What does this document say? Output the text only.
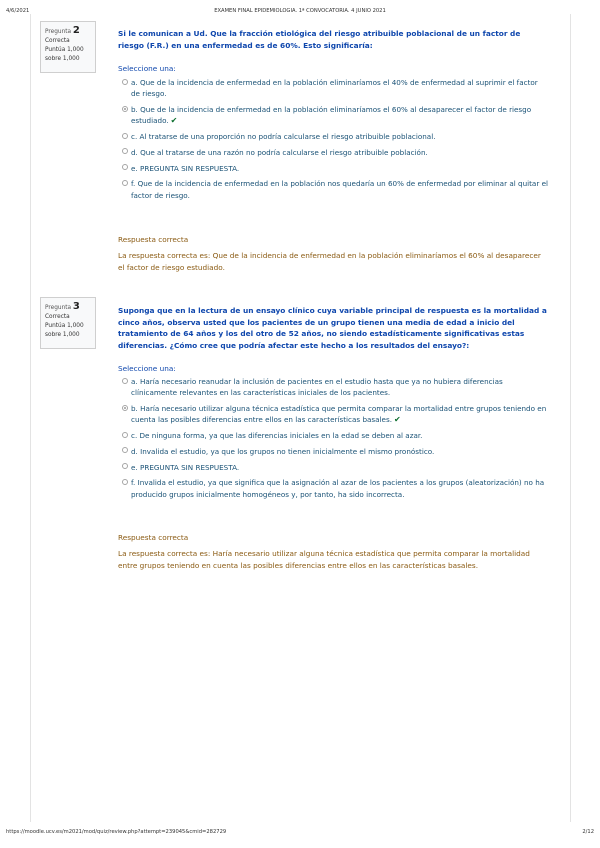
4/6/2021	EXAMEN FINAL EPIDEMIOLOGIA. 1ª CONVOCATORIA. 4 JUNIO 2021
Pregunta 2
Correcta
Puntúa 1,000
sobre 1,000
Si le comunican a Ud. Que la fracción etiológica del riesgo atribuible poblacional de un factor de riesgo (F.R.) en una enfermedad es de 60%. Esto significaría:
Seleccione una:
a. Que de la incidencia de enfermedad en la población eliminaríamos el 40% de enfermedad al suprimir el factor de riesgo.
b. Que de la incidencia de enfermedad en la población eliminaríamos el 60% al desaparecer el factor de riesgo estudiado. ✔
c. Al tratarse de una proporción no podría calcularse el riesgo atribuible poblacional.
d. Que al tratarse de una razón no podría calcularse el riesgo atribuible población.
e. PREGUNTA SIN RESPUESTA.
f. Que de la incidencia de enfermedad en la población nos quedaría un 60% de enfermedad por eliminar al quitar el factor de riesgo.
Respuesta correcta
La respuesta correcta es: Que de la incidencia de enfermedad en la población eliminaríamos el 60% al desaparecer el factor de riesgo estudiado.
Pregunta 3
Correcta
Puntúa 1,000
sobre 1,000
Suponga que en la lectura de un ensayo clínico cuya variable principal de respuesta es la mortalidad a cinco años, observa usted que los pacientes de un grupo tienen una media de edad a inicio del tratamiento de 64 años y los del otro de 52 años, no siendo estadísticamente significativas estas diferencias. ¿Cómo cree que podría afectar este hecho a los resultados del ensayo?:
Seleccione una:
a. Haría necesario reanudar la inclusión de pacientes en el estudio hasta que ya no hubiera diferencias clínicamente relevantes en las características iniciales de los pacientes.
b. Haría necesario utilizar alguna técnica estadística que permita comparar la mortalidad entre grupos teniendo en cuenta las posibles diferencias entre ellos en las características basales. ✔
c. De ninguna forma, ya que las diferencias iniciales en la edad se deben al azar.
d. Invalida el estudio, ya que los grupos no tienen inicialmente el mismo pronóstico.
e. PREGUNTA SIN RESPUESTA.
f. Invalida el estudio, ya que significa que la asignación al azar de los pacientes a los grupos (aleatorización) no ha producido grupos inicialmente homogéneos y, por tanto, ha sido incorrecta.
Respuesta correcta
La respuesta correcta es: Haría necesario utilizar alguna técnica estadística que permita comparar la mortalidad entre grupos teniendo en cuenta las posibles diferencias entre ellos en las características basales.
https://moodle.ucv.es/m2021/mod/quiz/review.php?attempt=239045&cmid=282729	2/12
